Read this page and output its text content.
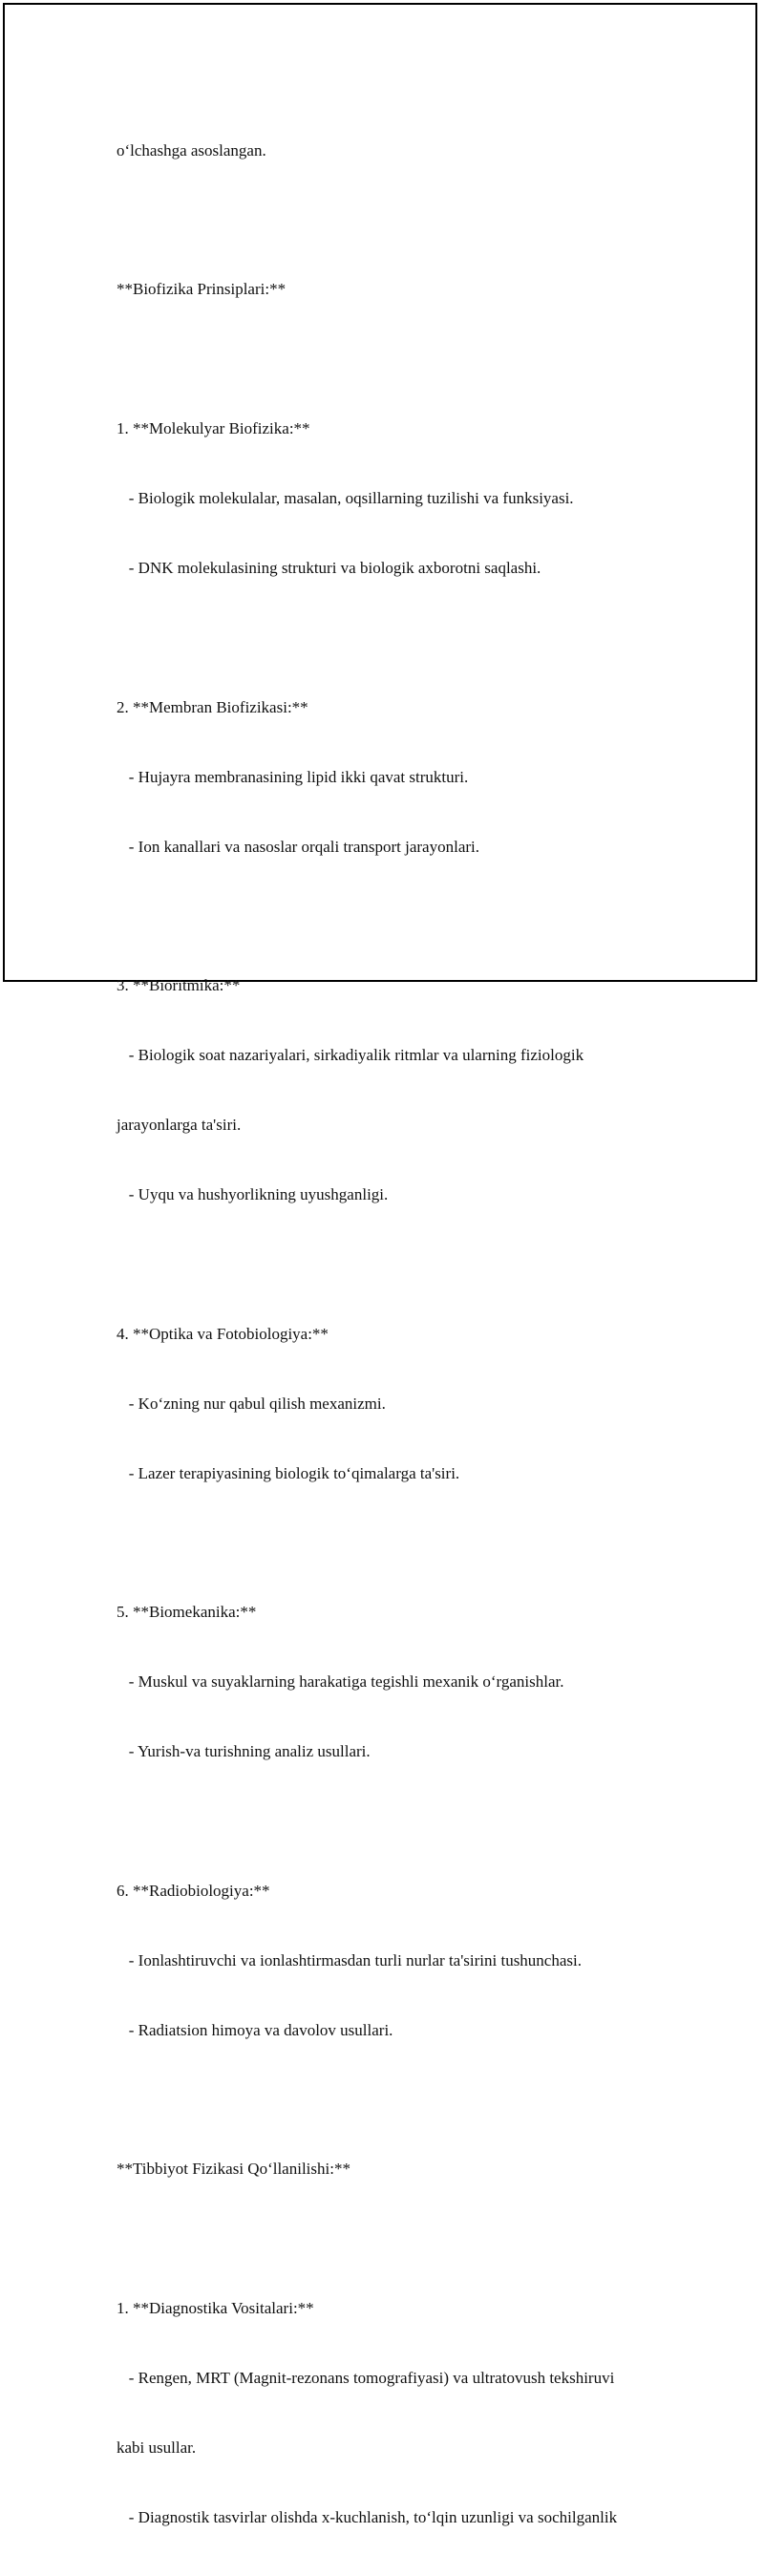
o‘lchashga asoslangan.

**Biofizika Prinsiplari:**

1. **Molekulyar Biofizika:**

- Biologik molekulalar, masalan, oqsillarning tuzilishi va funksiyasi.

- DNK molekulasining strukturi va biologik axborotni saqlashi.

2. **Membran Biofizikasi:**

- Hujayra membranasining lipid ikki qavat strukturi.

- Ion kanallari va nasoslar orqali transport jarayonlari.

3. **Bioritmika:**

- Biologik soat nazariyalari, sirkadiyalik ritmlar va ularning fiziologik

jarayonlarga ta'siri.

- Uyqu va hushyorlikning uyushganligi.

4. **Optika va Fotobiologiya:**

- Ko‘zning nur qabul qilish mexanizmi.

- Lazer terapiyasining biologik to‘qimalarga ta'siri.

5. **Biomekanika:**

- Muskul va suyaklarning harakatiga tegishli mexanik o‘rganishlar.

- Yurish-va turishning analiz usullari.

6. **Radiobiologiya:**

- Ionlashtiruvchi va ionlashtirmasdan turli nurlar ta'sirini tushunchasi.

- Radiatsion himoya va davolov usullari.

**Tibbiyot Fizikasi Qo‘llanilishi:**

1. **Diagnostika Vositalari:**

- Rengen, MRT (Magnit-rezonans tomografiyasi) va ultratovush tekshiruvi

kabi usullar.

- Diagnostik tasvirlar olishda x-kuchlanish, to‘lqin uzunligi va sochilganlik
